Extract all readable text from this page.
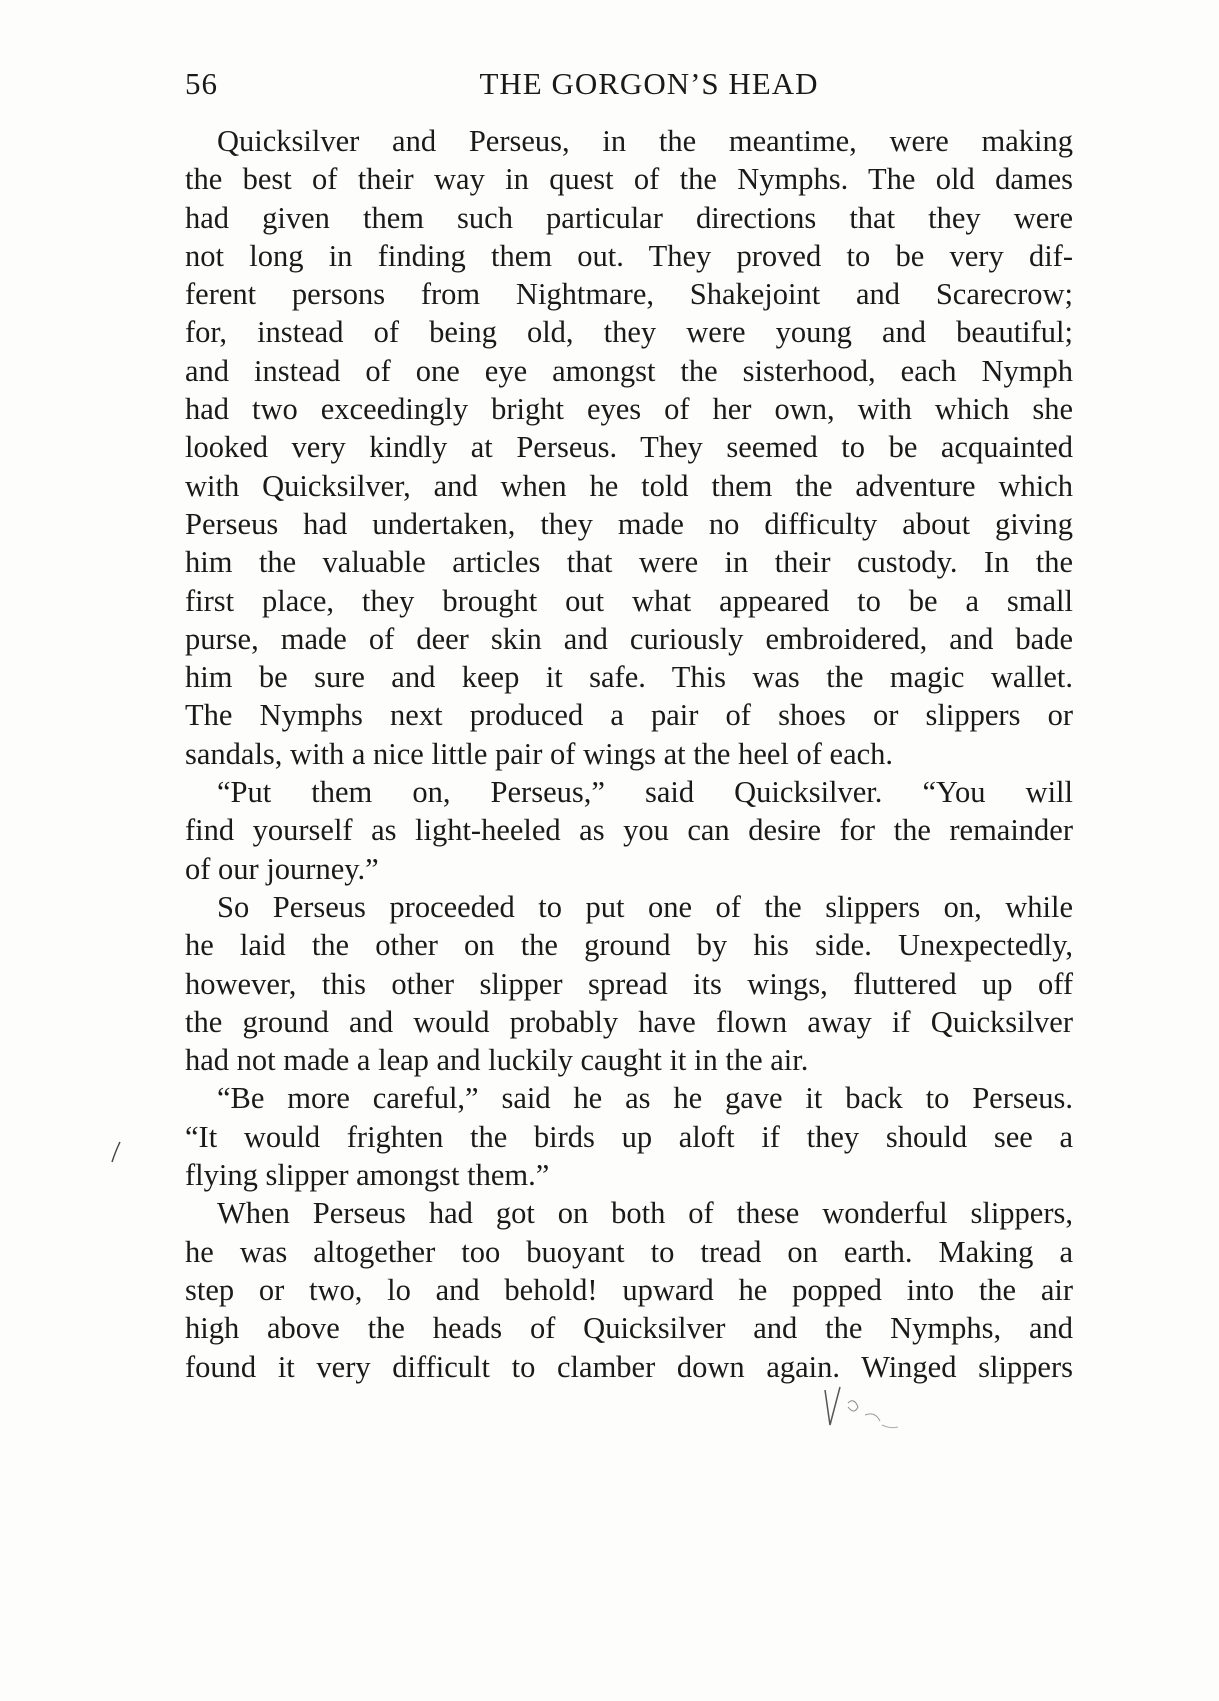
56	THE GORGON’S HEAD
Quicksilver and Perseus, in the meantime, were making
the best of their way in quest of the Nymphs. The old dames
had given them such particular directions that they were
not long in finding them out. They proved to be very dif-
ferent persons from Nightmare, Shakejoint and Scarecrow;
for, instead of being old, they were young and beautiful;
and instead of one eye amongst the sisterhood, each Nymph
had two exceedingly bright eyes of her own, with which she
looked very kindly at Perseus. They seemed to be acquainted
with Quicksilver, and when he told them the adventure which
Perseus had undertaken, they made no difficulty about giving
him the valuable articles that were in their custody. In the
first place, they brought out what appeared to be a small
purse, made of deer skin and curiously embroidered, and bade
him be sure and keep it safe. This was the magic wallet.
The Nymphs next produced a pair of shoes or slippers or
sandals, with a nice little pair of wings at the heel of each.
“Put them on, Perseus,” said Quicksilver. “You will
find yourself as light-heeled as you can desire for the remainder
of our journey.”
So Perseus proceeded to put one of the slippers on, while
he laid the other on the ground by his side. Unexpectedly,
however, this other slipper spread its wings, fluttered up off
the ground and would probably have flown away if Quicksilver
had not made a leap and luckily caught it in the air.
“Be more careful,” said he as he gave it back to Perseus.
“It would frighten the birds up aloft if they should see a
flying slipper amongst them.”
When Perseus had got on both of these wonderful slippers,
he was altogether too buoyant to tread on earth. Making a
step or two, lo and behold! upward he popped into the air
high above the heads of Quicksilver and the Nymphs, and
found it very difficult to clamber down again. Winged slippers
